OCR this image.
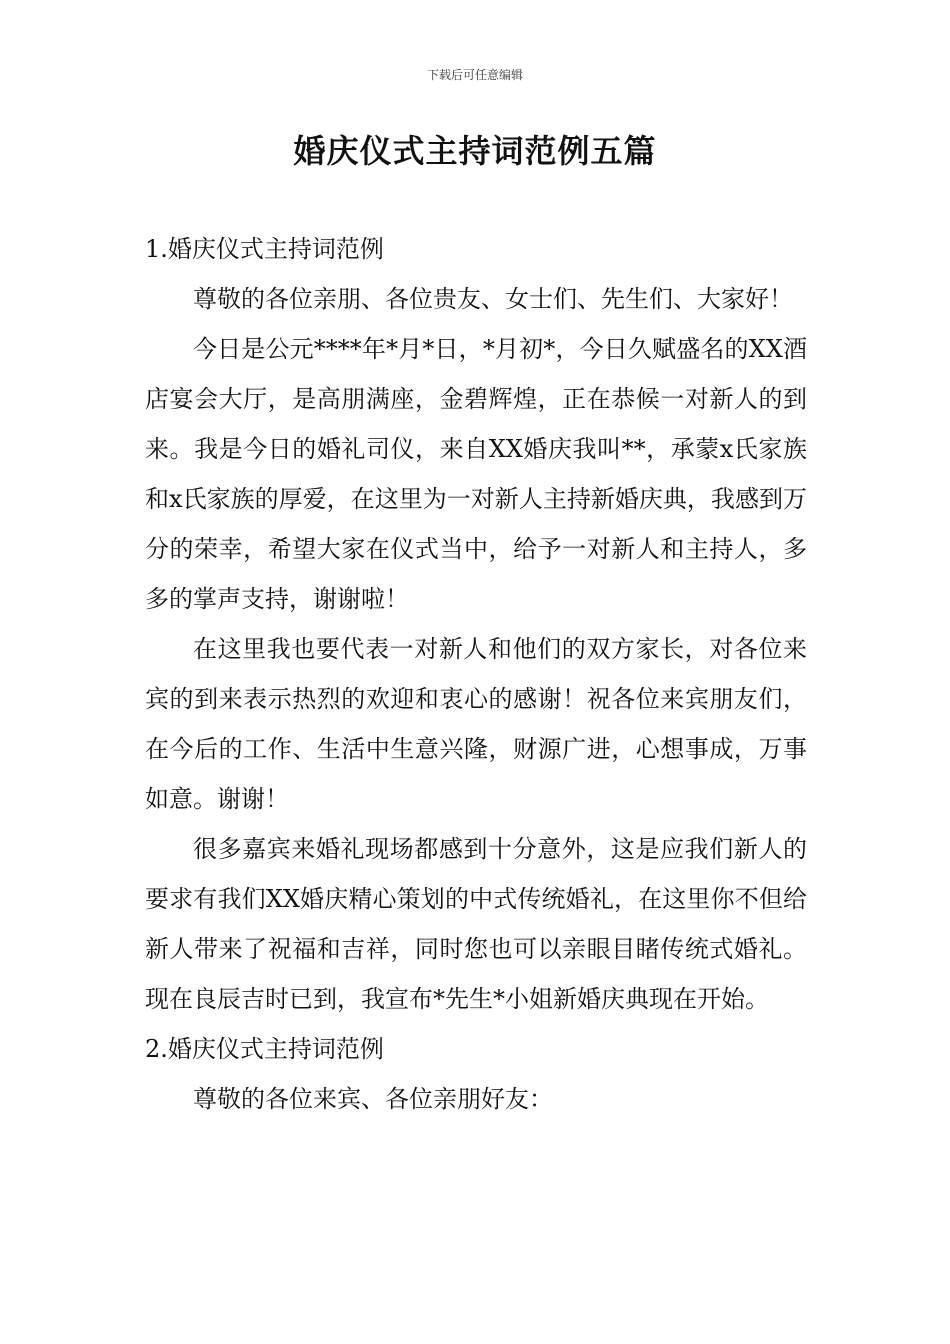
下载后可任意编辑
婚庆仪式主持词范例五篇

1.婚庆仪式主持词范例

尊敬的各位亲朋、各位贵友、女士们、先生们、大家好！

今日是公元****年*月*日，*月初*，今日久赋盛名的XX酒店宴会大厅，是高朋满座，金碧辉煌，正在恭候一对新人的到来。我是今日的婚礼司仪，来自XX婚庆我叫**，承蒙x氏家族和x氏家族的厚爱，在这里为一对新人主持新婚庆典，我感到万分的荣幸，希望大家在仪式当中，给予一对新人和主持人，多多的掌声支持，谢谢啦！

在这里我也要代表一对新人和他们的双方家长，对各位来宾的到来表示热烈的欢迎和衷心的感谢！祝各位来宾朋友们，在今后的工作、生活中生意兴隆，财源广进，心想事成，万事如意。谢谢！

很多嘉宾来婚礼现场都感到十分意外，这是应我们新人的要求有我们XX婚庆精心策划的中式传统婚礼，在这里你不但给新人带来了祝福和吉祥，同时您也可以亲眼目睹传统式婚礼。现在良辰吉时已到，我宣布*先生*小姐新婚庆典现在开始。

2.婚庆仪式主持词范例

尊敬的各位来宾、各位亲朋好友：
